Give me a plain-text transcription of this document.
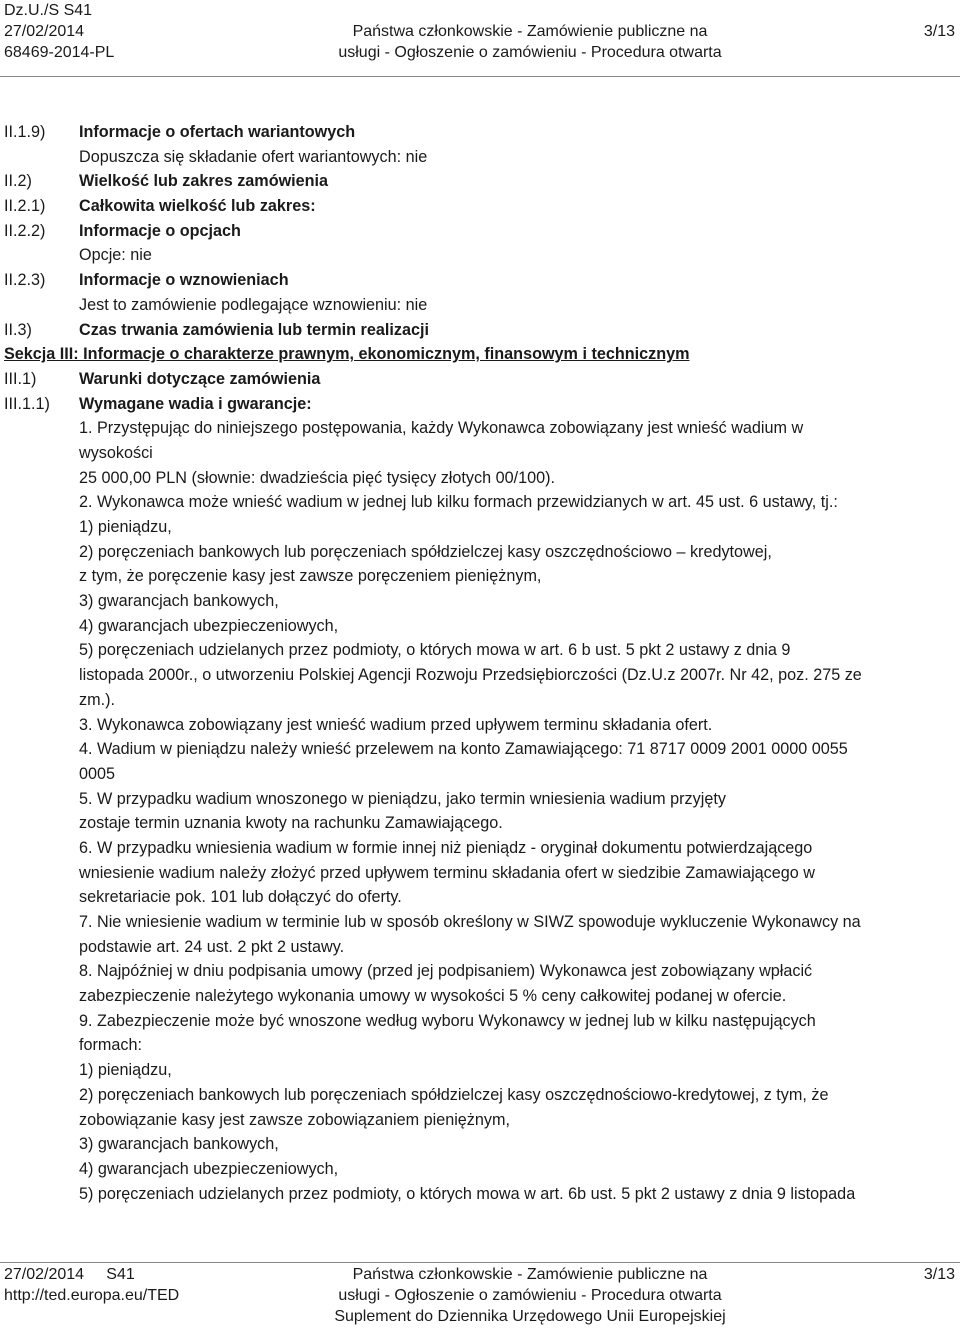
Dz.U./S S41
27/02/2014
68469-2014-PL
Państwa członkowskie - Zamówienie publiczne na
usługi - Ogłoszenie o zamówieniu - Procedura otwarta
3/13
II.1.9) Informacje o ofertach wariantowych
Dopuszcza się składanie ofert wariantowych: nie
II.2)	Wielkość lub zakres zamówienia
II.2.1) Całkowita wielkość lub zakres:
II.2.2) Informacje o opcjach
Opcje: nie
II.2.3) Informacje o wznowieniach
Jest to zamówienie podlegające wznowieniu: nie
II.3)	Czas trwania zamówienia lub termin realizacji
Sekcja III: Informacje o charakterze prawnym, ekonomicznym, finansowym i technicznym
III.1)	Warunki dotyczące zamówienia
III.1.1) Wymagane wadia i gwarancje:
1. Przystępując do niniejszego postępowania, każdy Wykonawca zobowiązany jest wnieść wadium w
wysokości
25 000,00 PLN (słownie: dwadzieścia pięć tysięcy złotych 00/100).
2. Wykonawca może wnieść wadium w jednej lub kilku formach przewidzianych w art. 45 ust. 6 ustawy, tj.:
1) pieniądzu,
2) poręczeniach bankowych lub poręczeniach spółdzielczej kasy oszczędnościowo – kredytowej,
z tym, że poręczenie kasy jest zawsze poręczeniem pieniężnym,
3) gwarancjach bankowych,
4) gwarancjach ubezpieczeniowych,
5) poręczeniach udzielanych przez podmioty, o których mowa w art. 6 b ust. 5 pkt 2 ustawy z dnia 9
listopada 2000r., o utworzeniu Polskiej Agencji Rozwoju Przedsiębiorczości (Dz.U.z 2007r. Nr 42, poz. 275 ze
zm.).
3. Wykonawca zobowiązany jest wnieść wadium przed upływem terminu składania ofert.
4. Wadium w pieniądzu należy wnieść przelewem na konto Zamawiającego: 71 8717 0009 2001 0000 0055
0005
5. W przypadku wadium wnoszonego w pieniądzu, jako termin wniesienia wadium przyjęty
zostaje termin uznania kwoty na rachunku Zamawiającego.
6. W przypadku wniesienia wadium w formie innej niż pieniądz - oryginał dokumentu potwierdzającego
wniesienie wadium należy złożyć przed upływem terminu składania ofert w siedzibie Zamawiającego w
sekretariacie pok. 101 lub dołączyć do oferty.
7. Nie wniesienie wadium w terminie lub w sposób określony w SIWZ spowoduje wykluczenie Wykonawcy na
podstawie art. 24 ust. 2 pkt 2 ustawy.
8. Najpóźniej w dniu podpisania umowy (przed jej podpisaniem) Wykonawca jest zobowiązany wpłacić
zabezpieczenie należytego wykonania umowy w wysokości 5 % ceny całkowitej podanej w ofercie.
9. Zabezpieczenie może być wnoszone według wyboru Wykonawcy w jednej lub w kilku następujących
formach:
1) pieniądzu,
2) poręczeniach bankowych lub poręczeniach spółdzielczej kasy oszczędnościowo-kredytowej, z tym, że
zobowiązanie kasy jest zawsze zobowiązaniem pieniężnym,
3) gwarancjach bankowych,
4) gwarancjach ubezpieczeniowych,
5) poręczeniach udzielanych przez podmioty, o których mowa w art. 6b ust. 5 pkt 2 ustawy z dnia 9 listopada
27/02/2014     S41
http://ted.europa.eu/TED
Państwa członkowskie - Zamówienie publiczne na
usługi - Ogłoszenie o zamówieniu - Procedura otwarta
Suplement do Dziennika Urzędowego Unii Europejskiej
3/13
